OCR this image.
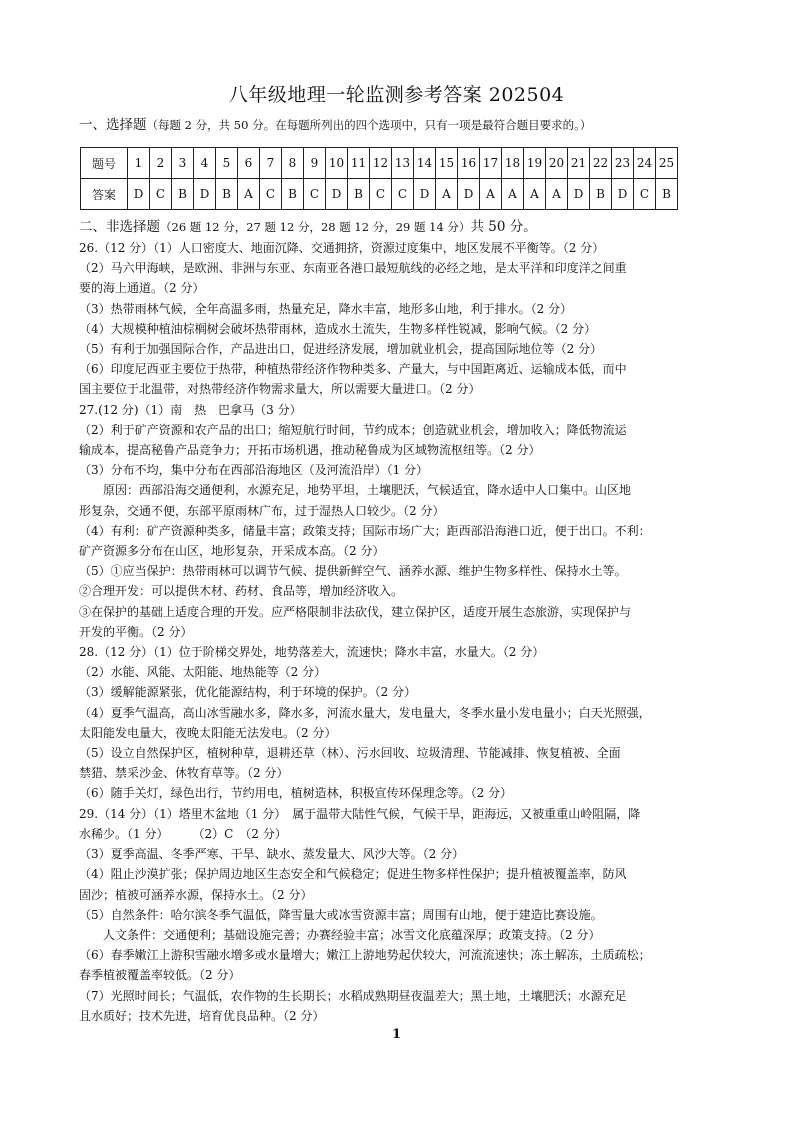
八年级地理一轮监测参考答案 202504
一、选择题（每题 2 分，共 50 分。在每题所列出的四个选项中，只有一项是最符合题目要求的。）
题号	1	2	3	4	5	6	7	8	9	10	11	12	13	14	15	16	17	18	19	20	21	22	23	24	25
答案	D	C	B	D	B	A	C	B	C	D	B	C	C	D	A	D	A	A	A	A	D	B	D	C	B
二、非选择题（26 题 12 分，27 题 12 分，28 题 12 分，29 题 14 分）共 50 分。

26.（12 分）（1）人口密度大、地面沉降、交通拥挤，资源过度集中，地区发展不平衡等。（2 分）

（2）马六甲海峡，是欧洲、非洲与东亚、东南亚各港口最短航线的必经之地，是太平洋和印度洋之间重

要的海上通道。（2 分）

（3）热带雨林气候，全年高温多雨，热量充足，降水丰富，地形多山地，利于排水。（2 分）

（4）大规模种植油棕榈树会破坏热带雨林，造成水土流失，生物多样性锐减，影响气候。（2 分）

（5）有利于加强国际合作，产品进出口，促进经济发展，增加就业机会，提高国际地位等（2 分）

（6）印度尼西亚主要位于热带，种植热带经济作物种类多、产量大，与中国距离近、运输成本低，而中

国主要位于北温带，对热带经济作物需求量大，所以需要大量进口。（2 分）

27.(12 分)（1）南　热　巴拿马（3 分）

（2）利于矿产资源和农产品的出口；缩短航行时间，节约成本；创造就业机会，增加收入；降低物流运

输成本，提高秘鲁产品竞争力；开拓市场机遇，推动秘鲁成为区域物流枢纽等。（2 分）

（3）分布不均，集中分布在西部沿海地区（及河流沿岸）（1 分）

　　原因：西部沿海交通便利，水源充足，地势平坦，土壤肥沃，气候适宜，降水适中人口集中。山区地

形复杂，交通不便，东部平原雨林广布，过于湿热人口较少。（2 分）

（4）有利：矿产资源种类多，储量丰富；政策支持；国际市场广大；距西部沿海港口近，便于出口。不利：

矿产资源多分布在山区，地形复杂，开采成本高。（2 分）

（5）①应当保护：热带雨林可以调节气候、提供新鲜空气、涵养水源、维护生物多样性、保持水土等。

②合理开发：可以提供木材、药材、食品等，增加经济收入。

③在保护的基础上适度合理的开发。应严格限制非法砍伐，建立保护区，适度开展生态旅游，实现保护与

开发的平衡。（2 分）

28.（12 分）（1）位于阶梯交界处，地势落差大，流速快；降水丰富，水量大。（2 分）

（2）水能、风能、太阳能、地热能等（2 分）

（3）缓解能源紧张，优化能源结构，利于环境的保护。（2 分）

（4）夏季气温高，高山冰雪融水多，降水多，河流水量大，发电量大，冬季水量小发电量小；白天光照强，

太阳能发电量大，夜晚太阳能无法发电。（2 分）

（5）设立自然保护区，植树种草，退耕还草（林）、污水回收、垃圾清理、节能减排、恢复植被、全面

禁猎、禁采沙金、休牧育草等。（2 分）

（6）随手关灯，绿色出行，节约用电，植树造林，积极宣传环保理念等。（2 分）

29.（14 分）（1）塔里木盆地（1 分）　属于温带大陆性气候，气候干旱，距海远，又被重重山岭阻隔，降

水稀少。（1 分）　　　（2）C　（2 分）

（3）夏季高温、冬季严寒、干旱、缺水、蒸发量大、风沙大等。（2 分）

（4）阻止沙漠扩张；保护周边地区生态安全和气候稳定；促进生物多样性保护；提升植被覆盖率，防风

固沙；植被可涵养水源，保持水土。（2 分）

（5）自然条件：哈尔滨冬季气温低，降雪量大或冰雪资源丰富；周围有山地，便于建造比赛设施。

　　人文条件：交通便利；基础设施完善；办赛经验丰富；冰雪文化底蕴深厚；政策支持。（2 分）

（6）春季嫩江上游积雪融水增多或水量增大；嫩江上游地势起伏较大，河流流速快；冻土解冻，土质疏松；

春季植被覆盖率较低。（2 分）

（7）光照时间长；气温低，农作物的生长期长；水稻成熟期昼夜温差大；黑土地，土壤肥沃；水源充足

且水质好；技术先进，培育优良品种。（2 分）

1
